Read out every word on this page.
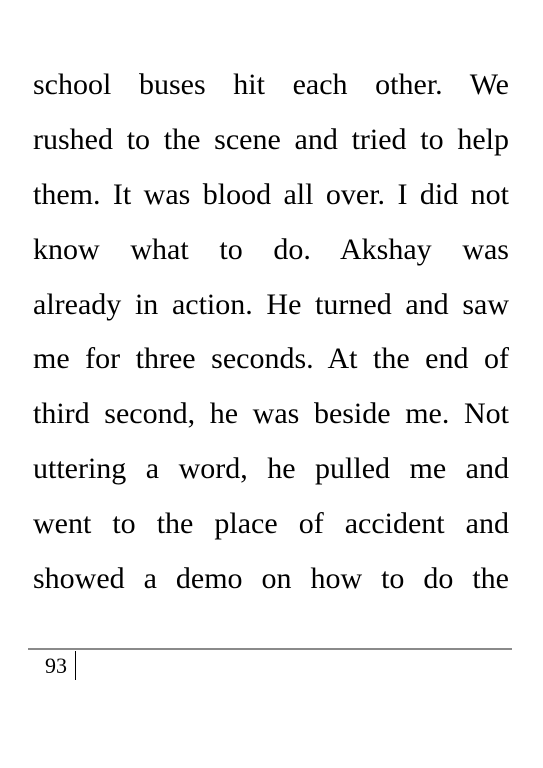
school buses hit each other. We
rushed to the scene and tried to help
them. It was blood all over. I did not
know what to do. Akshay was
already in action. He turned and saw
me for three seconds. At the end of
third second, he was beside me. Not
uttering a word, he pulled me and
went to the place of accident and
showed a demo on how to do the
93
